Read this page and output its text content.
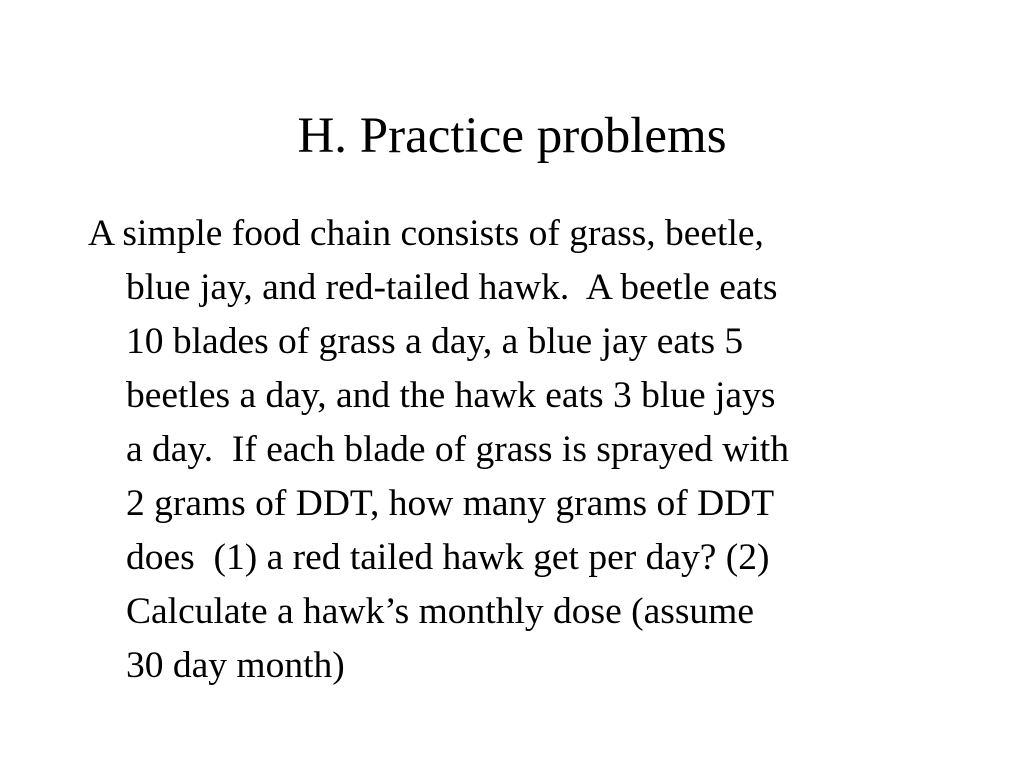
H. Practice problems
A simple food chain consists of grass, beetle,
blue jay, and red-tailed hawk.  A beetle eats
10 blades of grass a day, a blue jay eats 5
beetles a day, and the hawk eats 3 blue jays
a day.  If each blade of grass is sprayed with
2 grams of DDT, how many grams of DDT
does  (1) a red tailed hawk get per day? (2)
Calculate a hawk’s monthly dose (assume
30 day month)
